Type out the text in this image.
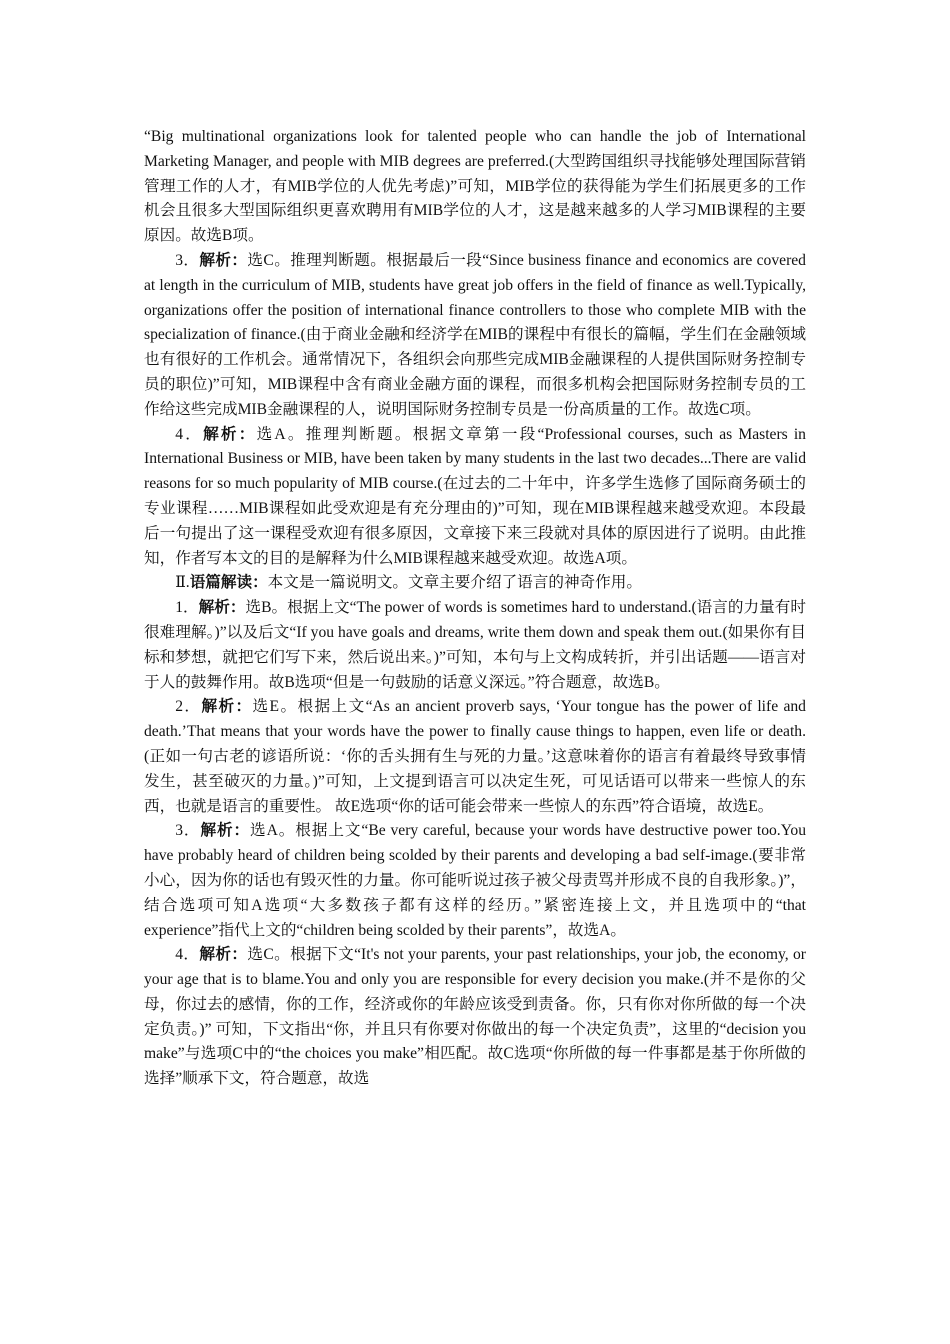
“Big multinational organizations look for talented people who can handle the job of International Marketing Manager, and people with MIB degrees are preferred.(大型跨国组织寻找能够处理国际营销管理工作的人才，有MIB学位的人优先考虑)”可知，MIB学位的获得能为学生们拓展更多的工作机会且很多大型国际组织更喜欢聘用有MIB学位的人才，这是越来越多的人学习MIB课程的主要原因。故选B项。

3．解析：选C。推理判断题。根据最后一段“Since business finance and economics are covered at length in the curriculum of MIB, students have great job offers in the field of finance as well.Typically, organizations offer the position of international finance controllers to those who complete MIB with the specialization of finance.(由于商业金融和经济学在MIB的课程中有很长的篇幅，学生们在金融领域也有很好的工作机会。通常情况下，各组织会向那些完成MIB金融课程的人提供国际财务控制专员的职位)”可知，MIB课程中含有商业金融方面的课程，而很多机构会把国际财务控制专员的工作给这些完成MIB金融课程的人，说明国际财务控制专员是一份高质量的工作。故选C项。

4．解析：选A。推理判断题。根据文章第一段“Professional courses, such as Masters in International Business or MIB, have been taken by many students in the last two decades...There are valid reasons for so much popularity of MIB course.(在过去的二十年中，许多学生选修了国际商务硕士的专业课程……MIB课程如此受欢迎是有充分理由的)”可知，现在MIB课程越来越受欢迎。本段最后一句提出了这一课程受欢迎有很多原因，文章接下来三段就对具体的原因进行了说明。由此推知，作者写本文的目的是解释为什么MIB课程越来越受欢迎。故选A项。

Ⅱ.语篇解读：本文是一篇说明文。文章主要介绍了语言的神奇作用。

1．解析：选B。根据上文“The power of words is sometimes hard to understand.(语言的力量有时很难理解。)”以及后文“If you have goals and dreams, write them down and speak them out.(如果你有目标和梦想，就把它们写下来，然后说出来。)”可知，本句与上文构成转折，并引出话题——语言对于人的鼓舞作用。故B选项“但是一句鼓励的话意义深远。”符合题意，故选B。

2．解析：选E。根据上文“As an ancient proverb says, ‘Your tongue has the power of life and death.’That means that your words have the power to finally cause things to happen, even life or death.(正如一句古老的谚语所说：‘你的舌头拥有生与死的力量。’这意味着你的语言有着最终导致事情发生，甚至破灭的力量。)”可知，上文提到语言可以决定生死，可见话语可以带来一些惊人的东西，也就是语言的重要性。 故E选项“你的话可能会带来一些惊人的东西”符合语境，故选E。

3．解析：选A。根据上文“Be very careful, because your words have destructive power too.You have probably heard of children being scolded by their parents and developing a bad self-image.(要非常小心，因为你的话也有毁灭性的力量。你可能听说过孩子被父母责骂并形成不良的自我形象。)”，结合选项可知A选项“大多数孩子都有这样的经历。”紧密连接上文，并且选项中的“that experience”指代上文的“children being scolded by their parents”，故选A。

4．解析：选C。根据下文“It's not your parents, your past relationships, your job, the economy, or your age that is to blame.You and only you are responsible for every decision you make.(并不是你的父母，你过去的感情，你的工作，经济或你的年龄应该受到责备。你，只有你对你所做的每一个决定负责。)” 可知，下文指出“你，并且只有你要对你做出的每一个决定负责”，这里的“decision you make”与选项C中的“the choices you make”相匹配。故C选项“你所做的每一件事都是基于你所做的选择”顺承下文，符合题意，故选
